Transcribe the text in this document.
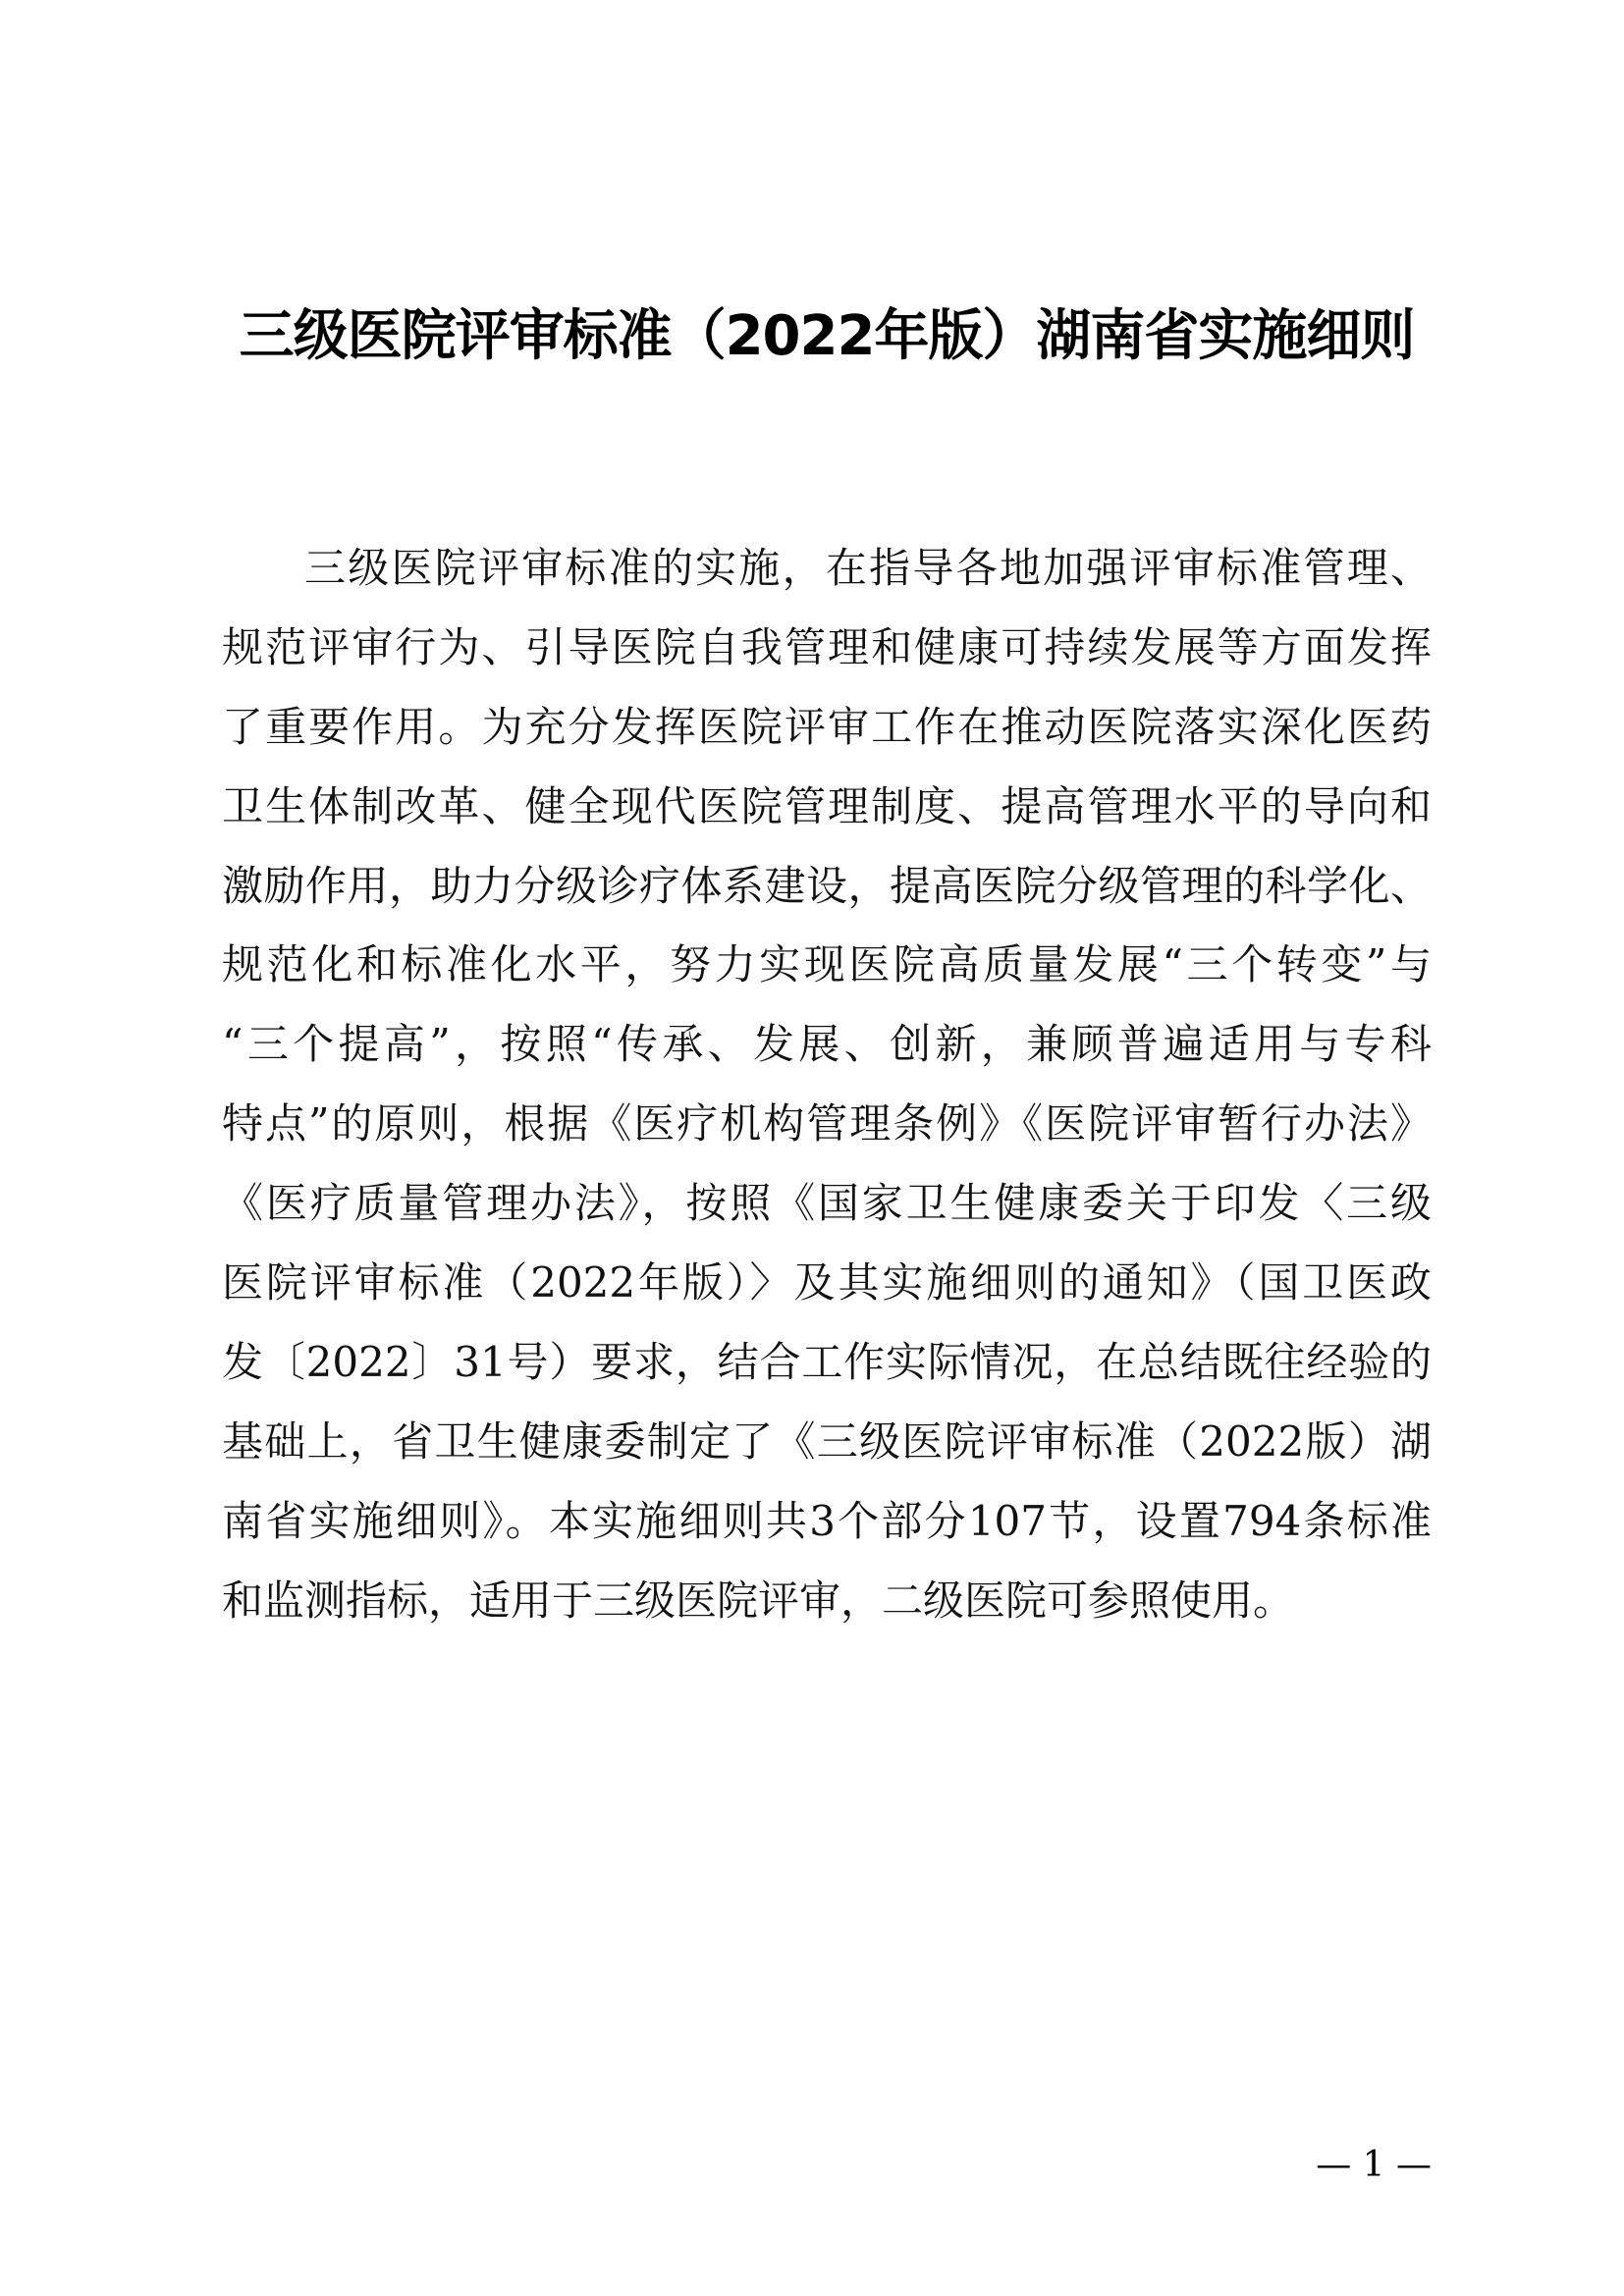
三级医院评审标准（2022年版）湖南省实施细则
三级医院评审标准的实施，在指导各地加强评审标准管理、
规范评审行为、引导医院自我管理和健康可持续发展等方面发挥
了重要作用。为充分发挥医院评审工作在推动医院落实深化医药
卫生体制改革、健全现代医院管理制度、提高管理水平的导向和
激励作用，助力分级诊疗体系建设，提高医院分级管理的科学化、
规范化和标准化水平，努力实现医院高质量发展“三个转变”与
“三个提高”，按照“传承、发展、创新，兼顾普遍适用与专科
特点”的原则，根据《医疗机构管理条例》《医院评审暂行办法》
《医疗质量管理办法》，按照《国家卫生健康委关于印发〈三级
医院评审标准（2022年版）〉及其实施细则的通知》（国卫医政
发〔2022〕31号）要求，结合工作实际情况，在总结既往经验的
基础上，省卫生健康委制定了《三级医院评审标准（2022版）湖
南省实施细则》。本实施细则共3个部分107节，设置794条标准
和监测指标，适用于三级医院评审，二级医院可参照使用。
— 1 —
